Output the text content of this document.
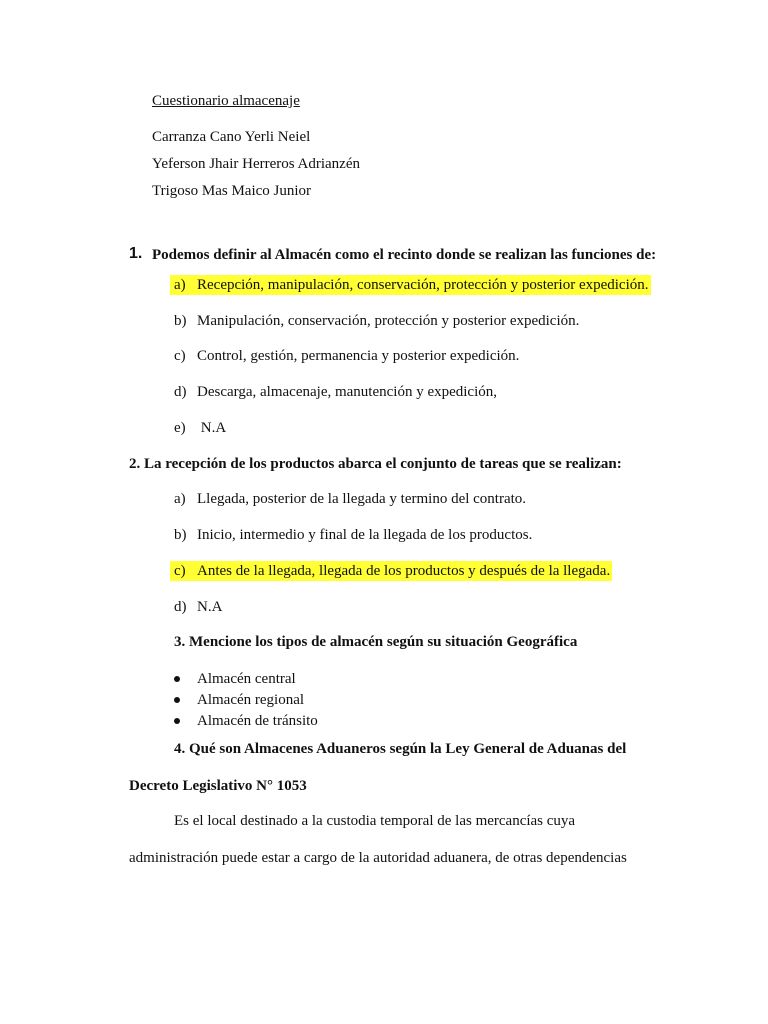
Cuestionario almacenaje
Carranza Cano Yerli Neiel
Yeferson Jhair Herreros Adrianzén
Trigoso Mas Maico Junior
1. Podemos definir al Almacén como el recinto donde se realizan las funciones de:
a) Recepción, manipulación, conservación, protección y posterior expedición.
b) Manipulación, conservación, protección y posterior expedición.
c) Control, gestión, permanencia y posterior expedición.
d) Descarga, almacenaje, manutención y expedición,
e) N.A
2. La recepción de los productos abarca el conjunto de tareas que se realizan:
a) Llegada, posterior de la llegada y termino del contrato.
b) Inicio, intermedio y final de la llegada de los productos.
c) Antes de la llegada, llegada de los productos y después de la llegada.
d) N.A
3. Mencione los tipos de almacén según su situación Geográfica
Almacén central
Almacén regional
Almacén de tránsito
4. Qué son Almacenes Aduaneros según la Ley General de Aduanas del
Decreto Legislativo N° 1053
Es el local destinado a la custodia temporal de las mercancías cuya
administración puede estar a cargo de la autoridad aduanera, de otras dependencias
